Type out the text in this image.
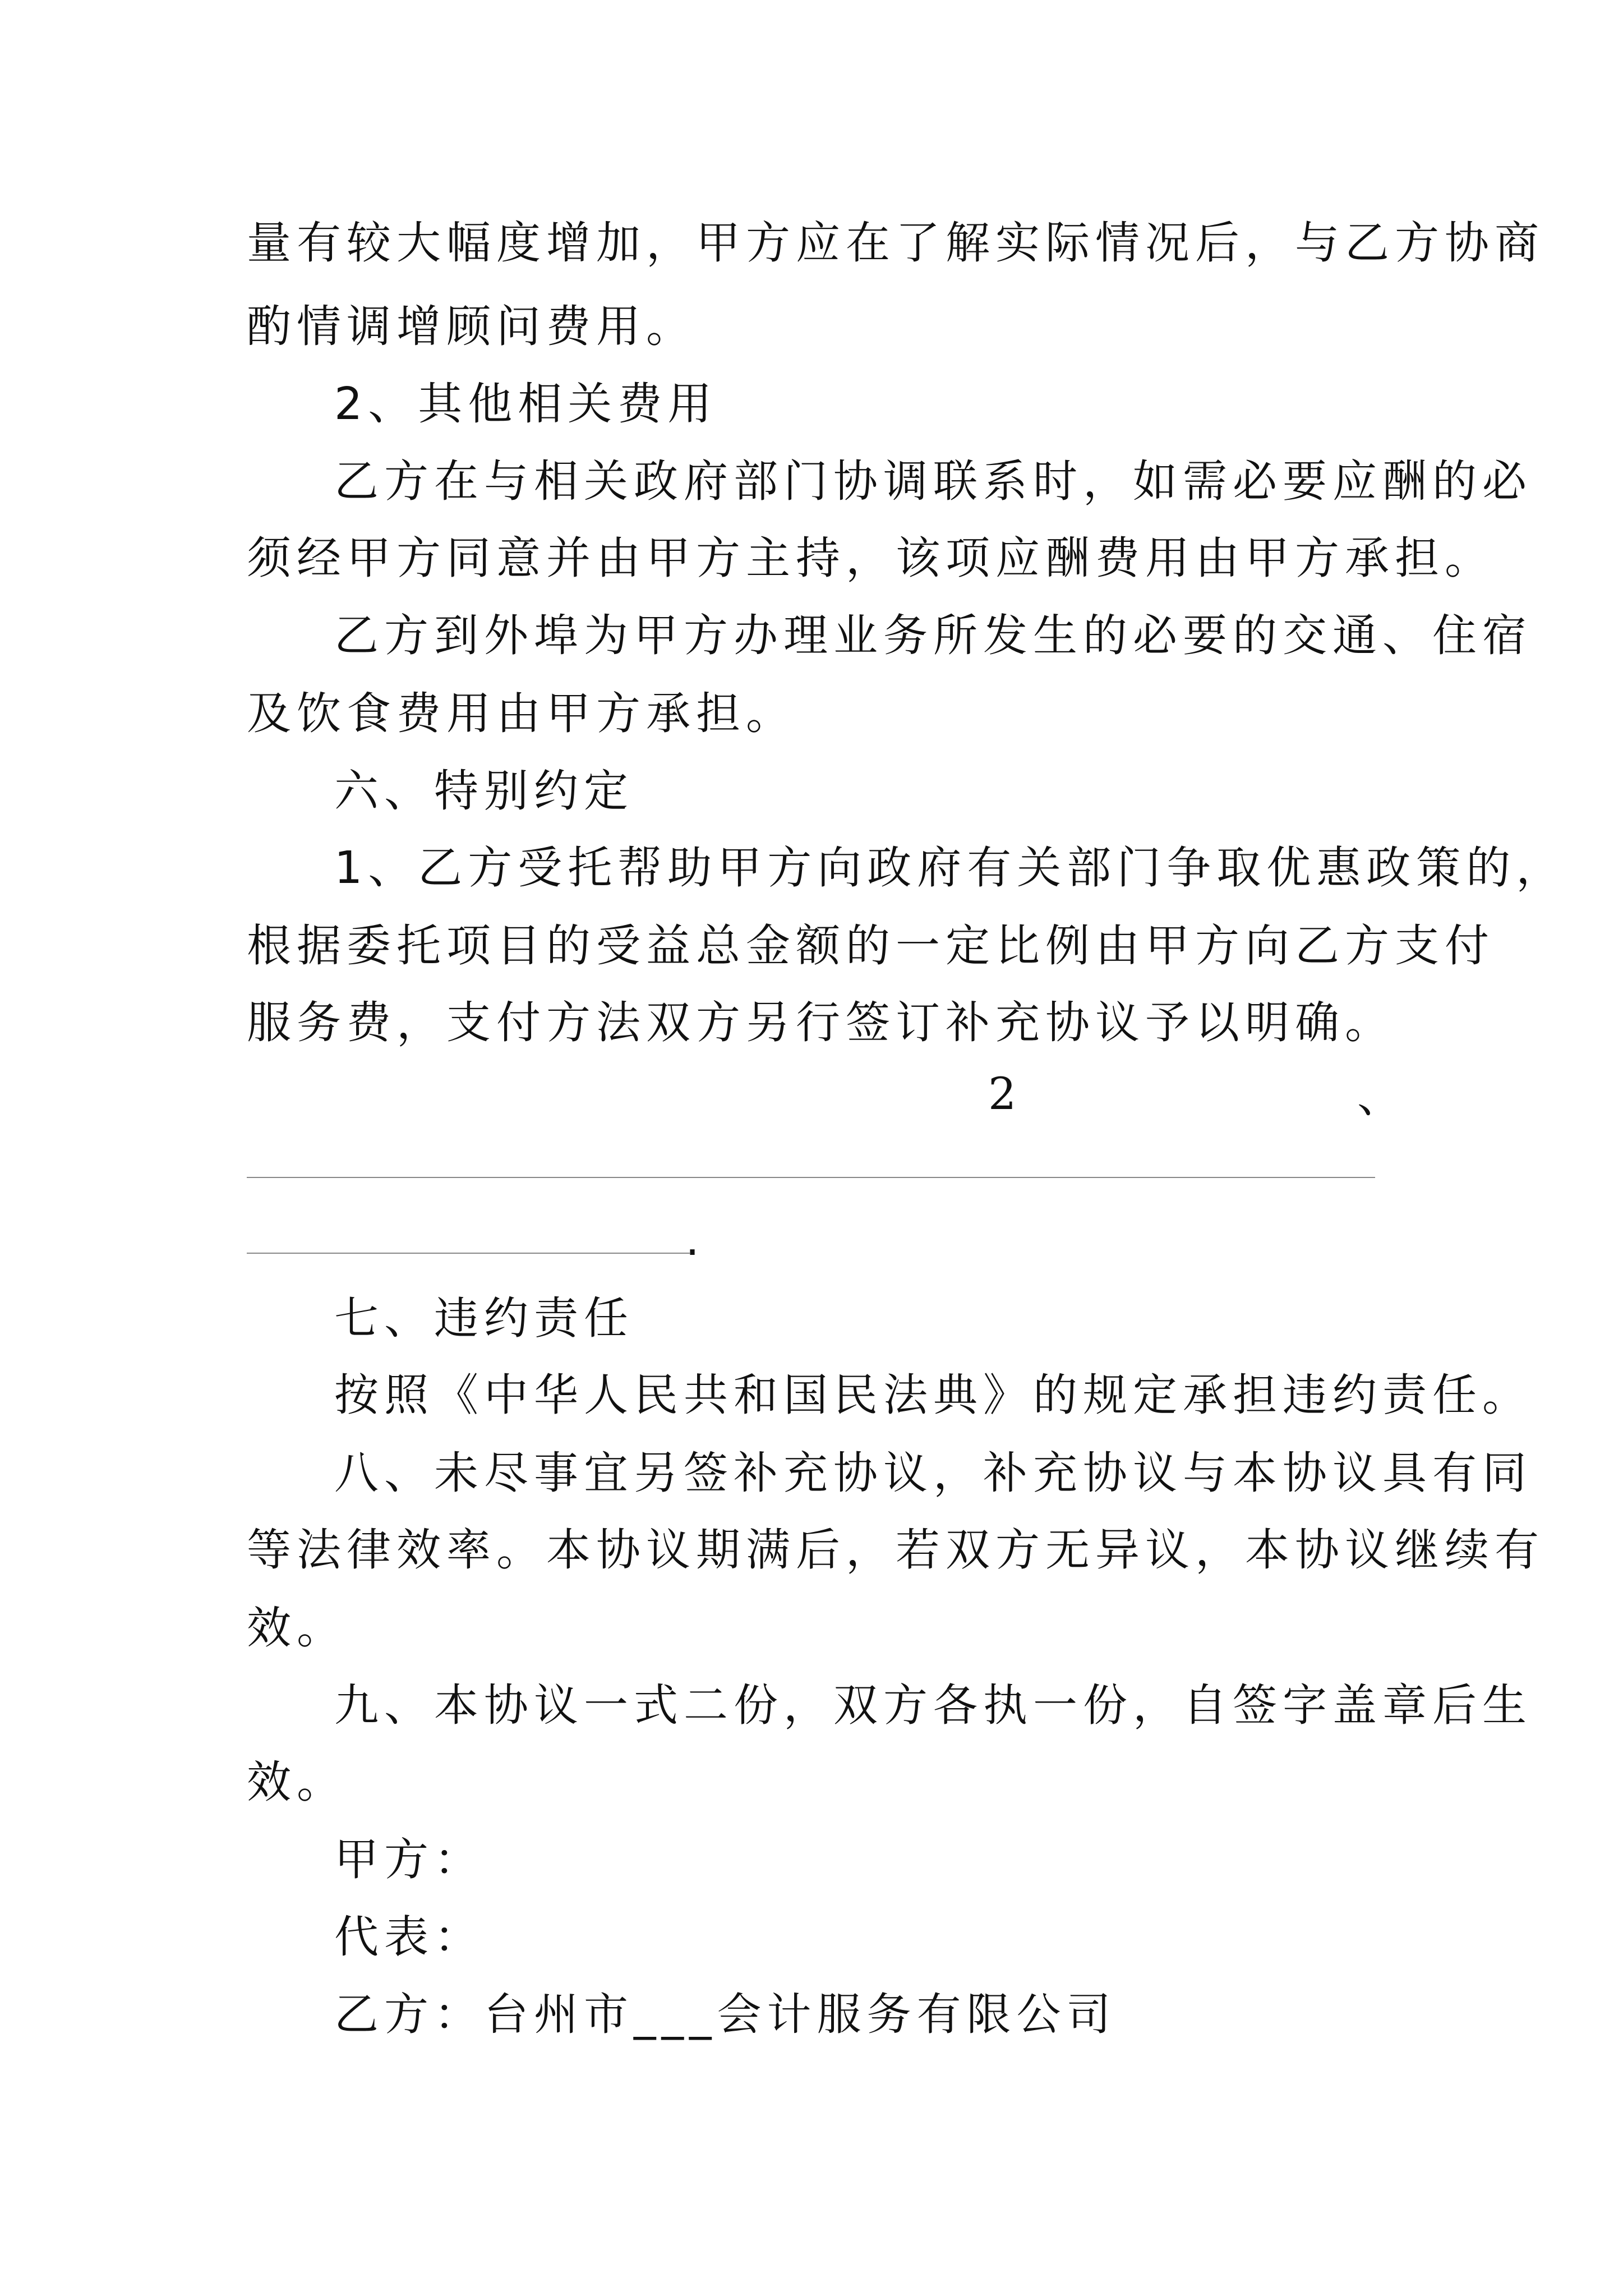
量有较大幅度增加，甲方应在了解实际情况后，与乙方协商
酌情调增顾问费用。
2、其他相关费用
乙方在与相关政府部门协调联系时，如需必要应酬的必
须经甲方同意并由甲方主持，该项应酬费用由甲方承担。
乙方到外埠为甲方办理业务所发生的必要的交通、住宿
及饮食费用由甲方承担。
六、特别约定
1、乙方受托帮助甲方向政府有关部门争取优惠政策的，
根据委托项目的受益总金额的一定比例由甲方向乙方支付
服务费，支付方法双方另行签订补充协议予以明确。
2	、
.
七、违约责任
按照《中华人民共和国民法典》的规定承担违约责任。
八、未尽事宜另签补充协议，补充协议与本协议具有同
等法律效率。本协议期满后，若双方无异议，本协议继续有
效。
九、本协议一式二份，双方各执一份，自签字盖章后生
效。
甲方：
代表：
乙方：台州市___会计服务有限公司
